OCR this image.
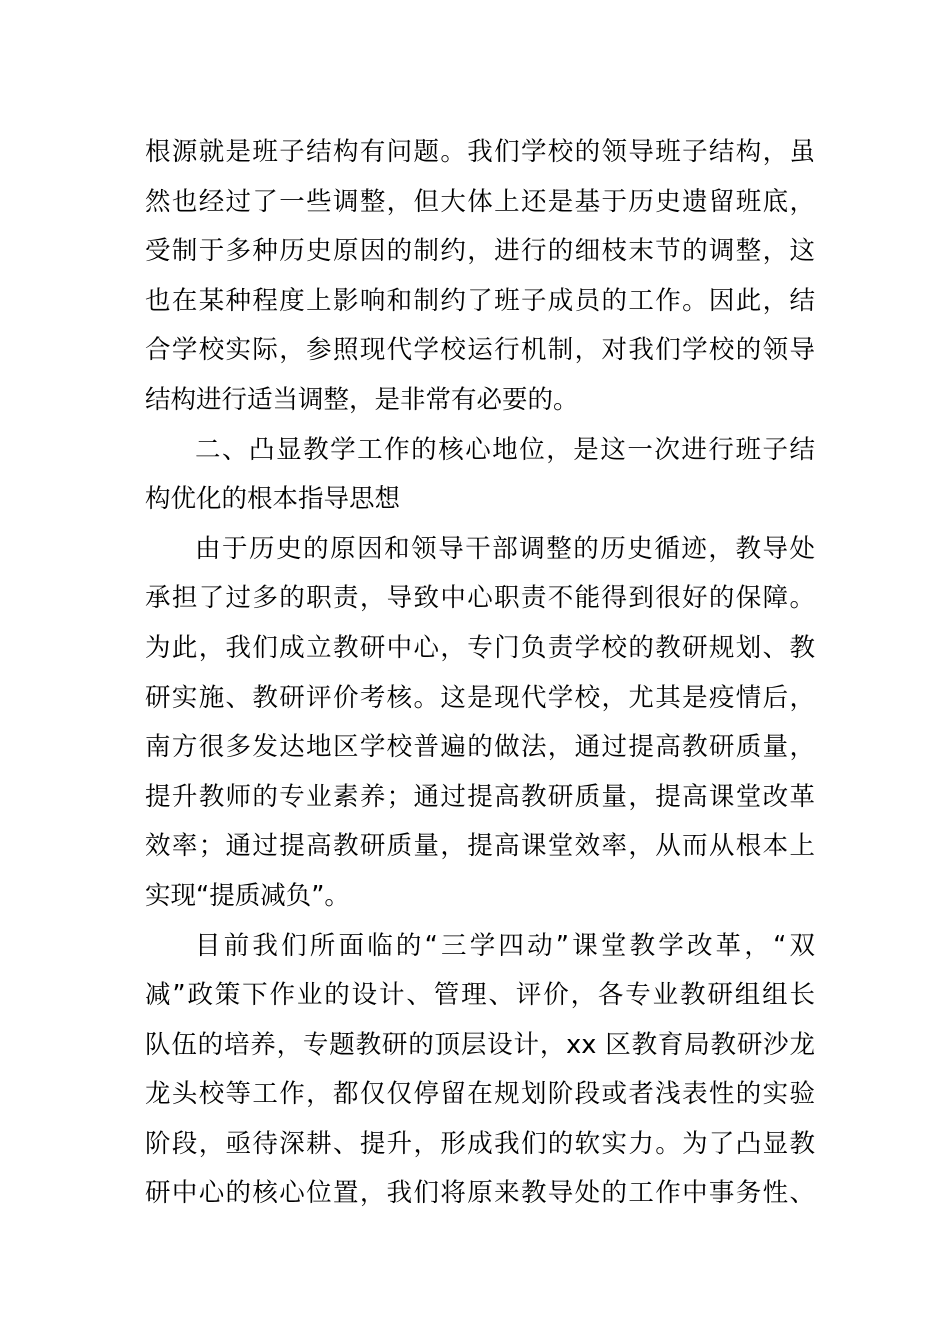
根源就是班子结构有问题。我们学校的领导班子结构，虽
然也经过了一些调整，但大体上还是基于历史遗留班底，
受制于多种历史原因的制约，进行的细枝末节的调整，这
也在某种程度上影响和制约了班子成员的工作。因此，结
合学校实际，参照现代学校运行机制，对我们学校的领导
结构进行适当调整，是非常有必要的。
二、凸显教学工作的核心地位，是这一次进行班子结
构优化的根本指导思想
由于历史的原因和领导干部调整的历史循迹，教导处
承担了过多的职责，导致中心职责不能得到很好的保障。
为此，我们成立教研中心，专门负责学校的教研规划、教
研实施、教研评价考核。这是现代学校，尤其是疫情后，
南方很多发达地区学校普遍的做法，通过提高教研质量，
提升教师的专业素养；通过提高教研质量，提高课堂改革
效率；通过提高教研质量，提高课堂效率，从而从根本上
实现“提质减负”。
目前我们所面临的“三学四动”课堂教学改革，“双
减”政策下作业的设计、管理、评价，各专业教研组组长
队伍的培养，专题教研的顶层设计，xx 区教育局教研沙龙
龙头校等工作，都仅仅停留在规划阶段或者浅表性的实验
阶段，亟待深耕、提升，形成我们的软实力。为了凸显教
研中心的核心位置，我们将原来教导处的工作中事务性、
